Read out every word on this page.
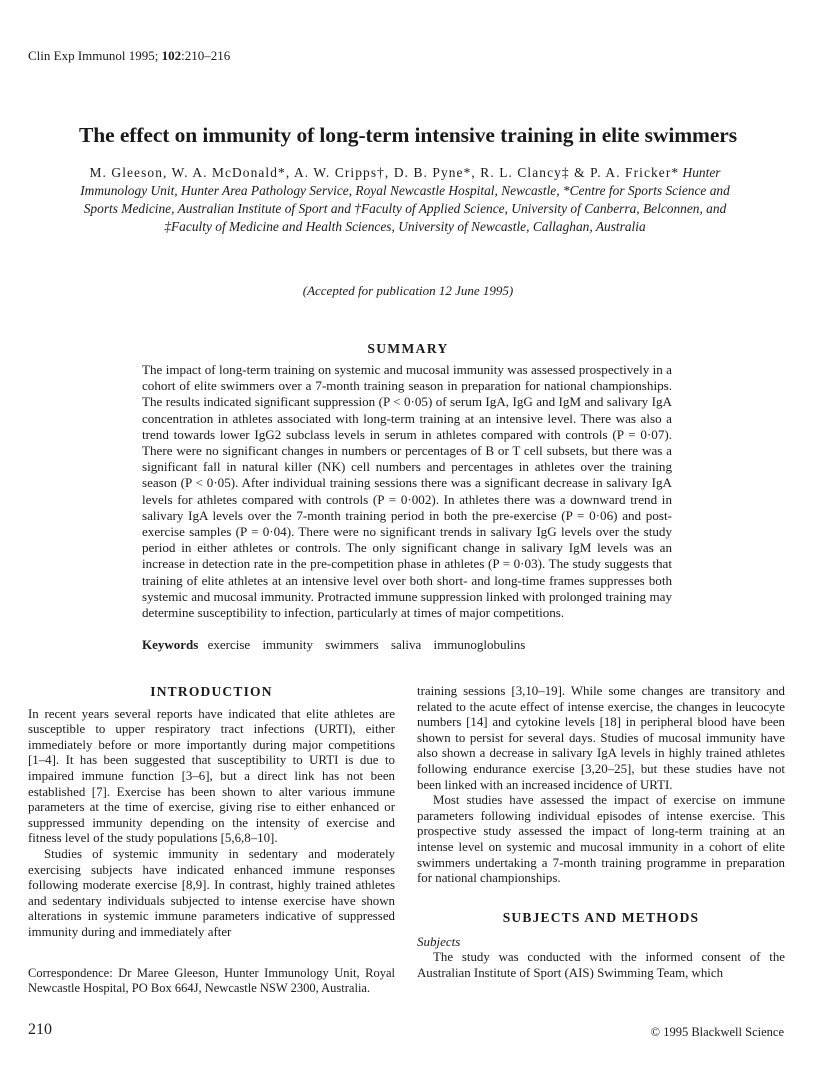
Clin Exp Immunol 1995; 102:210–216
The effect on immunity of long-term intensive training in elite swimmers
M. Gleeson, W. A. McDonald*, A. W. Cripps†, D. B. Pyne*, R. L. Clancy‡ & P. A. Fricker* Hunter Immunology Unit, Hunter Area Pathology Service, Royal Newcastle Hospital, Newcastle, *Centre for Sports Science and Sports Medicine, Australian Institute of Sport and †Faculty of Applied Science, University of Canberra, Belconnen, and ‡Faculty of Medicine and Health Sciences, University of Newcastle, Callaghan, Australia
(Accepted for publication 12 June 1995)
SUMMARY
The impact of long-term training on systemic and mucosal immunity was assessed prospectively in a cohort of elite swimmers over a 7-month training season in preparation for national championships. The results indicated significant suppression (P < 0·05) of serum IgA, IgG and IgM and salivary IgA concentration in athletes associated with long-term training at an intensive level. There was also a trend towards lower IgG2 subclass levels in serum in athletes compared with controls (P = 0·07). There were no significant changes in numbers or percentages of B or T cell subsets, but there was a significant fall in natural killer (NK) cell numbers and percentages in athletes over the training season (P < 0·05). After individual training sessions there was a significant decrease in salivary IgA levels for athletes compared with controls (P = 0·002). In athletes there was a downward trend in salivary IgA levels over the 7-month training period in both the pre-exercise (P = 0·06) and post-exercise samples (P = 0·04). There were no significant trends in salivary IgG levels over the study period in either athletes or controls. The only significant change in salivary IgM levels was an increase in detection rate in the pre-competition phase in athletes (P = 0·03). The study suggests that training of elite athletes at an intensive level over both short- and long-time frames suppresses both systemic and mucosal immunity. Protracted immune suppression linked with prolonged training may determine susceptibility to infection, particularly at times of major competitions.
Keywords exercise immunity swimmers saliva immunoglobulins
INTRODUCTION

In recent years several reports have indicated that elite athletes are susceptible to upper respiratory tract infections (URTI), either immediately before or more importantly during major competitions [1–4]. It has been suggested that susceptibility to URTI is due to impaired immune function [3–6], but a direct link has not been established [7]. Exercise has been shown to alter various immune parameters at the time of exercise, giving rise to either enhanced or suppressed immunity depending on the intensity of exercise and fitness level of the study populations [5,6,8–10].

Studies of systemic immunity in sedentary and moderately exercising subjects have indicated enhanced immune responses following moderate exercise [8,9]. In contrast, highly trained athletes and sedentary individuals subjected to intense exercise have shown alterations in systemic immune parameters indicative of suppressed immunity during and immediately after

training sessions [3,10–19]. While some changes are transitory and related to the acute effect of intense exercise, the changes in leucocyte numbers [14] and cytokine levels [18] in peripheral blood have been shown to persist for several days. Studies of mucosal immunity have also shown a decrease in salivary IgA levels in highly trained athletes following endurance exercise [3,20–25], but these studies have not been linked with an increased incidence of URTI.

Most studies have assessed the impact of exercise on immune parameters following individual episodes of intense exercise. This prospective study assessed the impact of long-term training at an intense level on systemic and mucosal immunity in a cohort of elite swimmers undertaking a 7-month training programme in preparation for national championships.

SUBJECTS AND METHODS
Subjects

The study was conducted with the informed consent of the Australian Institute of Sport (AIS) Swimming Team, which

Correspondence: Dr Maree Gleeson, Hunter Immunology Unit, Royal Newcastle Hospital, PO Box 664J, Newcastle NSW 2300, Australia.
210	© 1995 Blackwell Science
